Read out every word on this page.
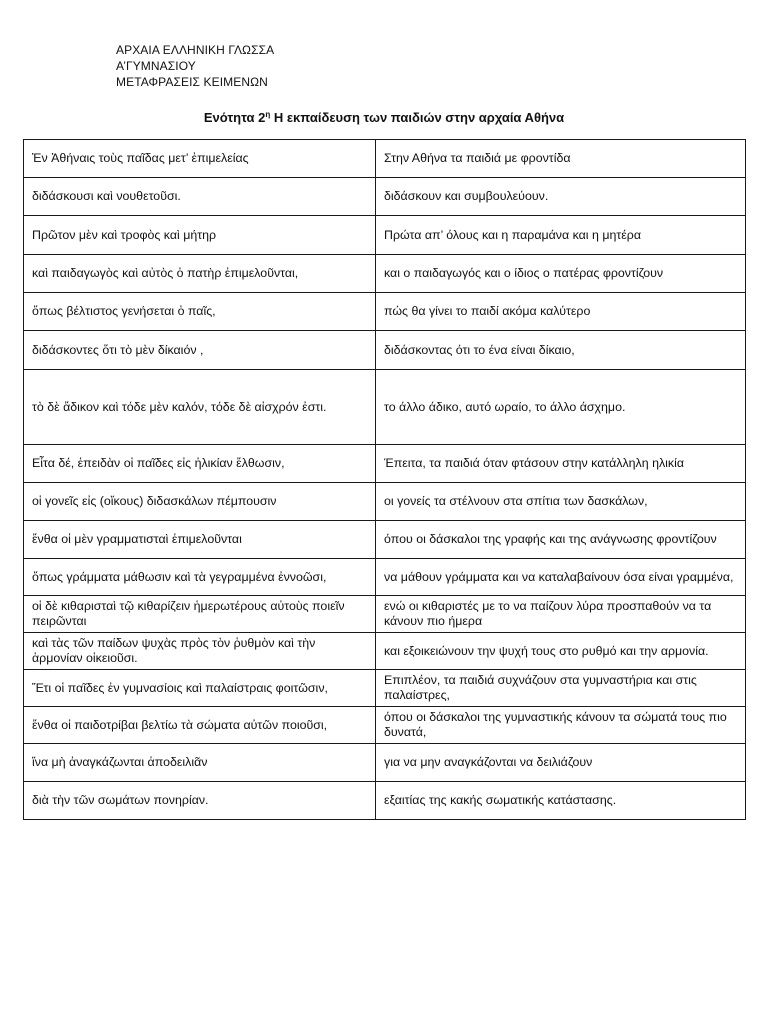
ΑΡΧΑΙΑ ΕΛΛΗΝΙΚΗ ΓΛΩΣΣΑ
Α’ΓΥΜΝΑΣΙΟΥ
ΜΕΤΑΦΡΑΣΕΙΣ ΚΕΙΜΕΝΩΝ
Ενότητα $2^\eta$ Η εκπαίδευση των παιδιών στην αρχαία Αθήνα
Ἐν Ἀθήναις τοὺς παῖδας μετ’ ἐπιμελείας	Στην Αθήνα τα παιδιά με φροντίδα
διδάσκουσι καὶ νουθετοῦσι.	διδάσκουν και συμβουλεύουν.
Πρῶτον μὲν καὶ τροφὸς καὶ μήτηρ	Πρώτα απ’ όλους και η παραμάνα και η μητέρα
καὶ παιδαγωγὸς καὶ αὐτὸς ὁ πατὴρ ἐπιμελοῦνται,	και ο παιδαγωγός και ο ίδιος ο πατέρας φροντίζουν
ὅπως βέλτιστος γενήσεται ὁ παῖς,	πώς θα γίνει το παιδί ακόμα καλύτερο
διδάσκοντες ὅτι τὸ μὲν δίκαιόν ,	διδάσκοντας ότι το ένα είναι δίκαιο,
τὸ δὲ ἄδικον καὶ τόδε μὲν καλόν, τόδε δὲ αἰσχρόν ἐστι.	το άλλο άδικο, αυτό ωραίο, το άλλο άσχημο.
Εἶτα δέ, ἐπειδὰν οἱ παῖδες εἰς ἡλικίαν ἔλθωσιν,	Έπειτα, τα παιδιά όταν φτάσουν στην κατάλληλη ηλικία
οἱ γονεῖς εἰς (οἴκους) διδασκάλων πέμπουσιν	οι γονείς τα στέλνουν στα σπίτια των δασκάλων,
ἔνθα οἱ μὲν γραμματισταὶ ἐπιμελοῦνται	όπου οι δάσκαλοι της γραφής και της ανάγνωσης φροντίζουν
ὅπως γράμματα μάθωσιν καὶ τὰ γεγραμμένα ἐννοῶσι,	να μάθουν γράμματα και να καταλαβαίνουν όσα είναι γραμμένα,
οἱ δὲ κιθαρισταὶ τῷ κιθαρίζειν ἡμερωτέρους αὐτοὺς ποιεῖν πειρῶνται	ενώ οι κιθαριστές με το να παίζουν λύρα προσπαθούν να τα κάνουν πιο ήμερα
καὶ τὰς τῶν παίδων ψυχὰς πρὸς τὸν ῥυθμὸν καὶ τὴν ἁρμονίαν οἰκειοῦσι.	και εξοικειώνουν την ψυχή τους στο ρυθμό και την αρμονία.
Ἔτι οἱ παῖδες ἐν γυμνασίοις καὶ παλαίστραις φοιτῶσιν,	Επιπλέον, τα παιδιά συχνάζουν στα γυμναστήρια και στις παλαίστρες,
ἔνθα οἱ παιδοτρίβαι βελτίω τὰ σώματα αὐτῶν ποιοῦσι,	όπου οι δάσκαλοι της γυμναστικής κάνουν τα σώματά τους πιο δυνατά,
ἵνα μὴ ἀναγκάζωνται ἀποδειλιᾶν	για να μην αναγκάζονται να δειλιάζουν
διὰ τὴν τῶν σωμάτων πονηρίαν.	εξαιτίας της κακής σωματικής κατάστασης.
